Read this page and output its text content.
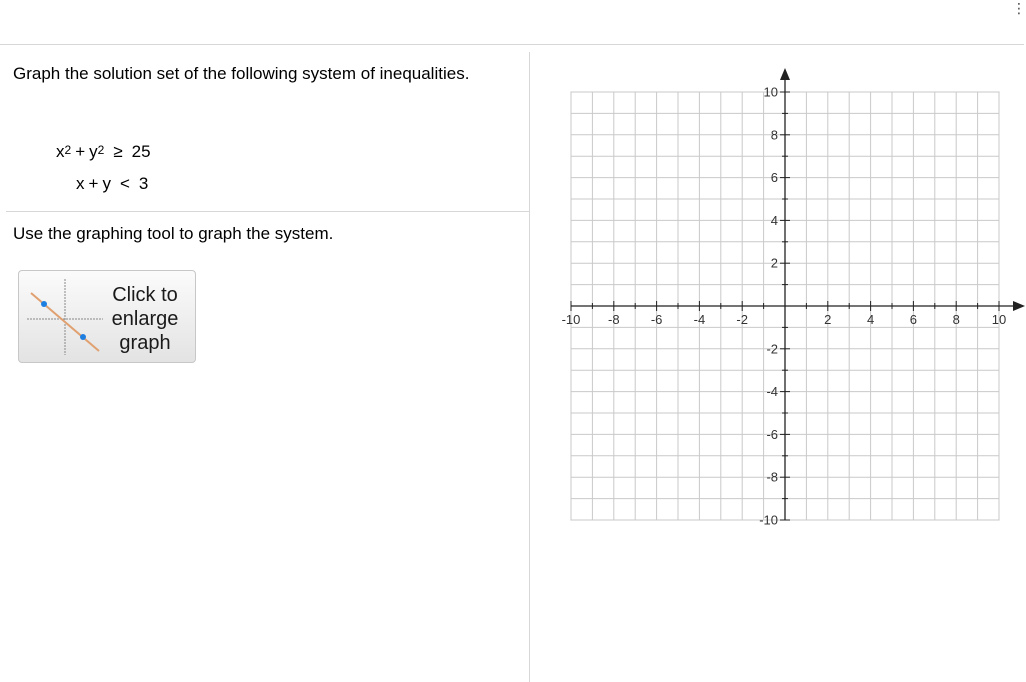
⋮
Graph the solution set of the following system of inequalities.
$x^2 + y^2 \ge 25$
x + y < 3
Use the graphing tool to graph the system.
Click to
enlarge
graph
-10 -8 -6 -4 -2	2	4	6	8 10
10
8
6
4
2
-2
-4
-6
-8
-10
